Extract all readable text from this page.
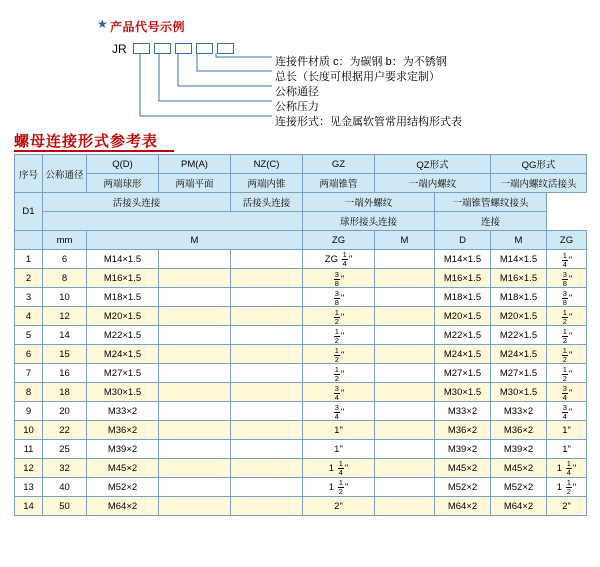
★ 产品代号示例
JR
连接件材质 c：为碳钢 b：为不锈钢
总长（长度可根据用户要求定制）
公称通径
公称压力
连接形式：见金属软管常用结构形式表
螺母连接形式参考表
序号	公称通径	Q(D)	PM(A)	NZ(C)	GZ	QZ形式		QG形式	
		两端球形	两端平面	两端内锥	两端锥管	一端内螺纹		一端内螺纹活接头	
D1	活接头连接			活接头连接	一端外螺纹		一端锥管螺纹接头		
					球形接头连接		连接		
	mm	M			ZG	M	D	M	ZG
1	6	M14×1.5			ZG $\frac{1}{4}$ "		M14×1.5	M14×1.5	$\frac{1}{4}$ "
2	8	M16×1.5			$\frac{3}{8}$ "		M16×1.5	M16×1.5	$\frac{3}{8}$ "
3	10	M18×1.5			$\frac{3}{8}$ "		M18×1.5	M18×1.5	$\frac{3}{8}$ "
4	12	M20×1.5			$\frac{1}{2}$ "		M20×1.5	M20×1.5	$\frac{1}{2}$ "
5	14	M22×1.5			$\frac{1}{2}$ "		M22×1.5	M22×1.5	$\frac{1}{2}$ "
6	15	M24×1.5			$\frac{1}{2}$ "		M24×1.5	M24×1.5	$\frac{1}{2}$ "
7	16	M27×1.5			$\frac{1}{2}$ "		M27×1.5	M27×1.5	$\frac{1}{2}$ "
8	18	M30×1.5			$\frac{3}{4}$ "		M30×1.5	M30×1.5	$\frac{3}{4}$ "
9	20	M33×2			$\frac{3}{4}$ "		M33×2	M33×2	$\frac{3}{4}$ "
10	22	M36×2			1"		M36×2	M36×2	1"
11	25	M39×2			1"		M39×2	M39×2	1"
12	32	M45×2			$1 \frac{1}{4}$ "		M45×2	M45×2	$1 \frac{1}{4}$ "
13	40	M52×2			$1 \frac{1}{2}$ "		M52×2	M52×2	$1 \frac{1}{2}$ "
14	50	M64×2			2"		M64×2	M64×2	2"
